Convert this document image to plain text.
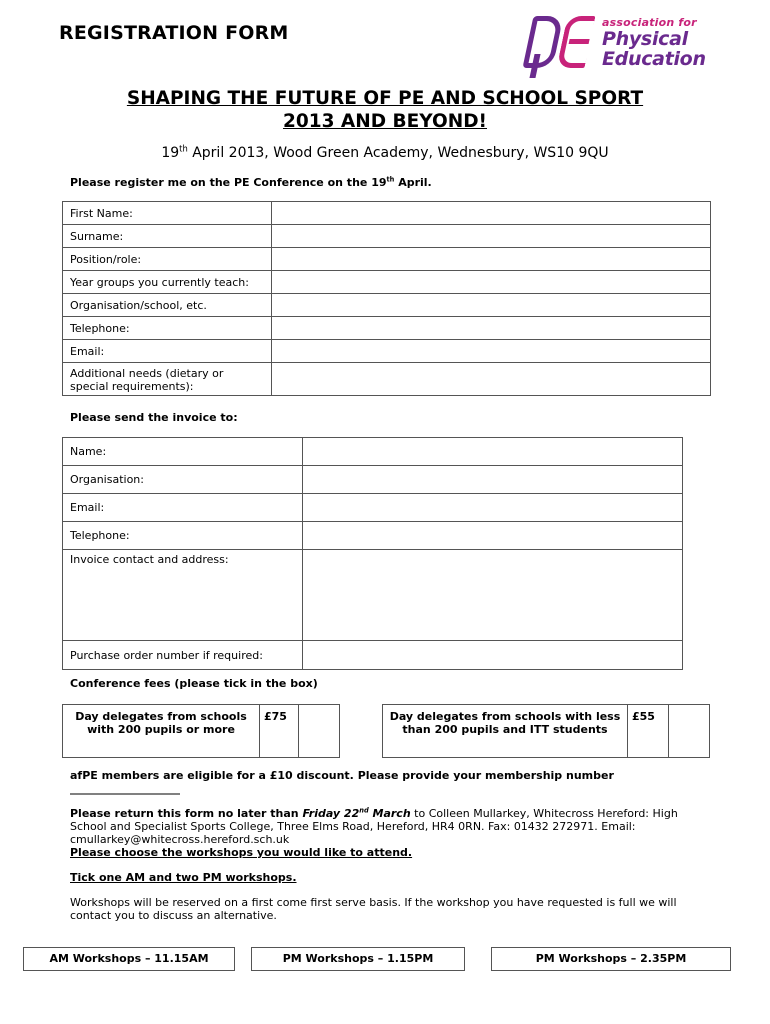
REGISTRATION FORM	association for
Physical
Education
SHAPING THE FUTURE OF PE AND SCHOOL SPORT
2013 AND BEYOND!
19th April 2013, Wood Green Academy, Wednesbury, WS10 9QU
Please register me on the PE Conference on the 19th April.
First Name:	
Surname:	
Position/role:	
Year groups you currently teach:	
Organisation/school, etc.	
Telephone:	
Email:	
Additional needs (dietary or special requirements):	
Please send the invoice to:
Name:	
Organisation:	
Email:	
Telephone:	
Invoice contact and address:	
Purchase order number if required:	
Conference fees (please tick in the box)
Day delegates from schools with 200 pupils or more	£75		Day delegates from schools with less than 200 pupils and ITT students	£55	
afPE members are eligible for a £10 discount. Please provide your membership number
____________________
Please return this form no later than Friday 22nd March to Colleen Mullarkey, Whitecross Hereford: High School and Specialist Sports College, Three Elms Road, Hereford, HR4 0RN. Fax: 01432 272971. Email: cmullarkey@whitecross.hereford.sch.uk
Please choose the workshops you would like to attend.
Tick one AM and two PM workshops.
Workshops will be reserved on a first come first serve basis. If the workshop you have requested is full we will contact you to discuss an alternative.
AM Workshops – 11.15AM	PM Workshops – 1.15PM	PM Workshops – 2.35PM
